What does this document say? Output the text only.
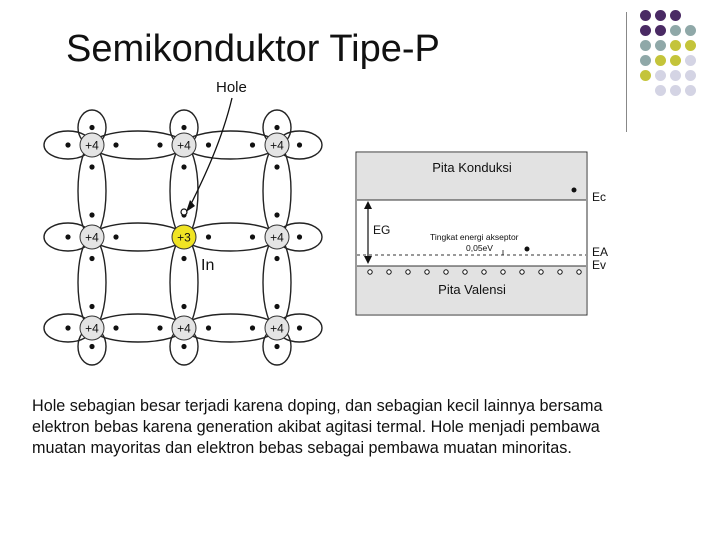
Semikonduktor Tipe-P
+4	+4	+4
+4	+3	+4
+4	+4	+4
Hole
In
Pita Konduksi
Pita Valensi
EG	Tingkat energi akseptor
0,05eV
Ec
EA
Ev

Hole sebagian besar terjadi karena doping, dan sebagian kecil lainnya bersama elektron bebas karena generation akibat agitasi termal. Hole menjadi pembawa muatan mayoritas dan elektron bebas sebagai pembawa muatan minoritas.
